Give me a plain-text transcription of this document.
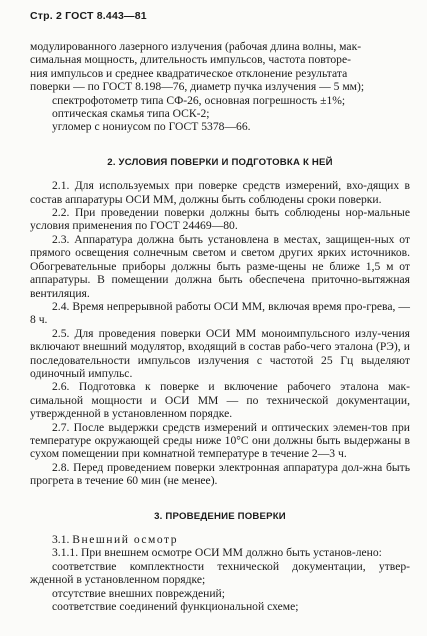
Стр. 2 ГОСТ 8.443—81

модулированного лазерного излучения (рабочая длина волны, мак-

симальная мощность, длительность импульсов, частота повторе-

ния импульсов и среднее квадратическое отклонение результата

поверки — по ГОСТ 8.198—76, диаметр пучка излучения — 5 мм);

спектрофотометр типа СФ-26, основная погрешность ±1%;

оптическая скамья типа ОСК-2;

угломер с нониусом по ГОСТ 5378—66.

2. УСЛОВИЯ ПОВЕРКИ И ПОДГОТОВКА К НЕЙ

2.1. Для используемых при поверке средств измерений, вхо-дящих в состав аппаратуры ОСИ ММ, должны быть соблюдены сроки поверки.

2.2. При проведении поверки должны быть соблюдены нор-мальные условия применения по ГОСТ 24469—80.

2.3. Аппаратура должна быть установлена в местах, защищен-ных от прямого освещения солнечным светом и светом других ярких источников. Обогревательные приборы должны быть разме-щены не ближе 1,5 м от аппаратуры. В помещении должна быть обеспечена приточно-вытяжная вентиляция.

2.4. Время непрерывной работы ОСИ ММ, включая время про-грева, — 8 ч.

2.5. Для проведения поверки ОСИ ММ моноимпульсного излу-чения включают внешний модулятор, входящий в состав рабо-чего эталона (РЭ), и последовательности импульсов излучения с частотой 25 Гц выделяют одиночный импульс.

2.6. Подготовка к поверке и включение рабочего эталона мак-симальной мощности и ОСИ ММ — по технической документации, утвержденной в установленном порядке.

2.7. После выдержки средств измерений и оптических элемен-тов при температуре окружающей среды ниже 10°С они должны быть выдержаны в сухом помещении при комнатной температуре в течение 2—3 ч.

2.8. Перед проведением поверки электронная аппаратура дол-жна быть прогрета в течение 60 мин (не менее).

3. ПРОВЕДЕНИЕ ПОВЕРКИ

3.1. Внешний осмотр

3.1.1. При внешнем осмотре ОСИ ММ должно быть установ-лено:

соответствие комплектности технической документации, утвер-жденной в установленном порядке;

отсутствие внешних повреждений;

соответствие соединений функциональной схеме;
